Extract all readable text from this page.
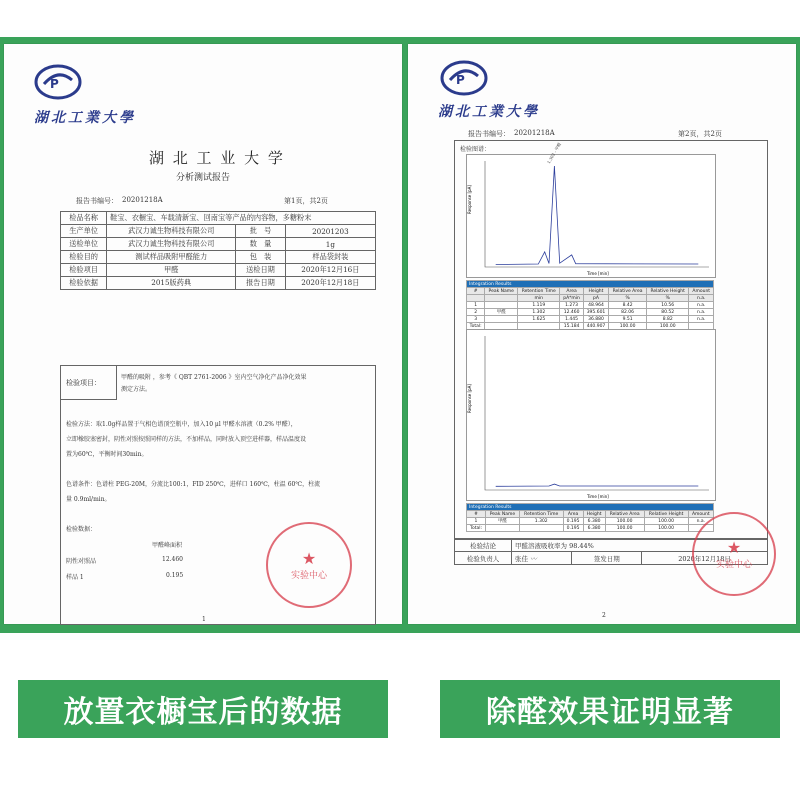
P
湖北工業大學
湖 北 工 业 大 学
分析测试报告
报告书编号： 20201218A	第1页，共2页
检品名称	鞋宝、衣橱宝、车载清新宝、回南宝等产品的内容物，多糖粉末		
生产单位	武汉力诚生物科技有限公司	批　号	20201203
送检单位	武汉力诚生物科技有限公司	数　量	1g
检验目的	测试样品吸附甲醛能力	包　装	样品袋封装
检验项目	甲醛	送检日期	2020年12月16日
检验依据	2015版药典	报告日期	2020年12月18日
检验项目：
甲醛的吸附 ，参考《 QBT 2761-2006 》室内空气净化产品净化效果
测定方法。
检验方法：取1.0g样品置于气相色谱顶空瓶中，加入10 μl 甲醛水溶液（0.2% 甲醛），
立即橡胶塞密封，阴性对照按照同样的方法，不加样品，同时放入顶空进样器，样品温度设
置为60℃，平衡时间30min。
色谱条件：色谱柱 PEG-20M，分流比100:1，FID 250℃，进样口 160℃，柱温 60℃，柱流
量 0.9ml/min。
检验数据：
甲醛峰面积
阴性对照品	12.460
样品 1	0.195
★
实验中心
1
P
湖北工業大學
报告书编号： 20201218A	第2页，共2页
检验图谱：
Response [pA]
Time [min]
1.302 - 甲醛
Integration Results							
#	Peak Name	Retention Time	Area	Height	Relative Area	Relative Height	Amount
		min	pA*min	pA	%	%	n.a.
1		1.119	1.273	48.964	8.42	10.56	n.a.
2	甲醛	1.302	12.460	395.601	82.06	80.52	n.a.
3		1.625	1.445	36.880	9.51	8.82	n.a.
Total:			15.184	440.907	100.00	100.00	
Response [pA]
Time [min]
Integration Results							
#	Peak Name	Retention Time	Area	Height	Relative Area	Relative Height	Amount
1	甲醛	1.302	0.195	6.380	100.00	100.00	n.a.
Total:			0.195	6.380	100.00	100.00	
检验结论	甲醛溶液吸收率为 98.44%		
检验负责人	张佳 〰	签发日期	2020年12月18日
★
实验中心
2
放置衣橱宝后的数据	除醛效果证明显著
